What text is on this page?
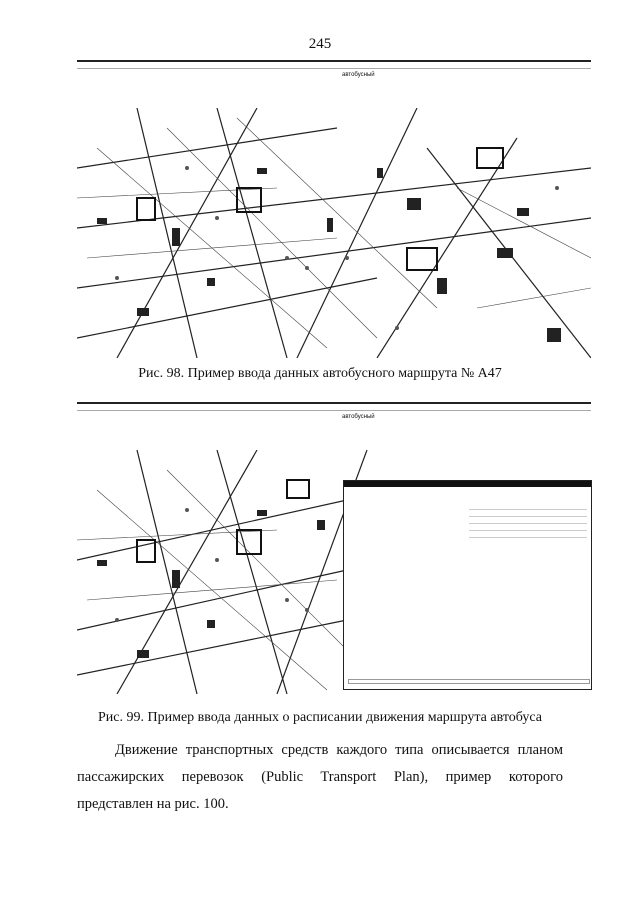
245
автобусный
Рис. 98. Пример ввода данных автобусного маршрута № А47
автобусный
Рис. 99. Пример ввода данных о расписании движения маршрута автобуса
Движение транспортных средств каждого типа описывается планом
пассажирских перевозок (Public Transport Plan), пример которого
представлен на рис. 100.
